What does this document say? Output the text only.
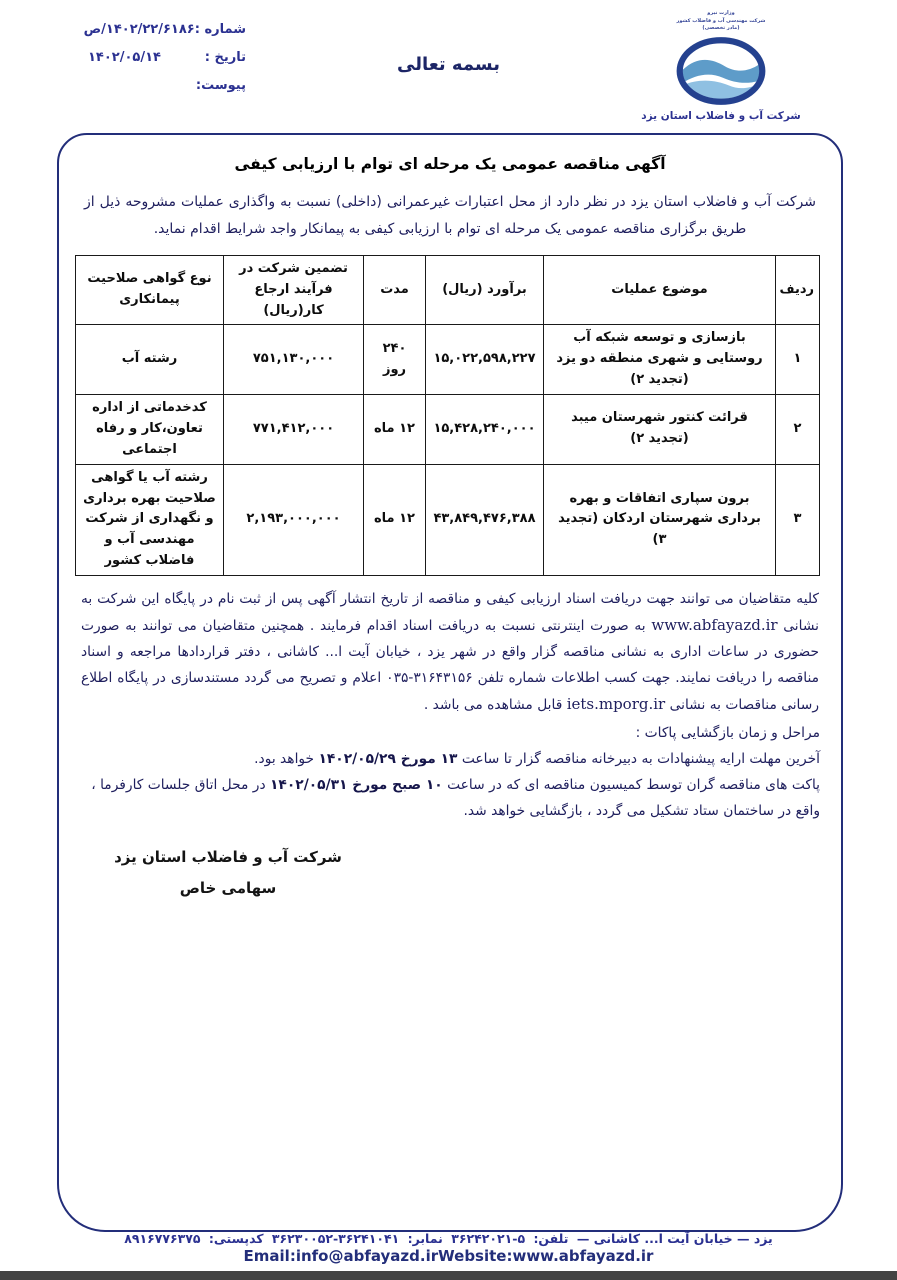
شماره :
۱۴۰۲/۲۲/۶۱۸۶/ص
تاریخ :
۱۴۰۲/۰۵/۱۴
پیوست:
بسمه تعالی
وزارت نیرو
شرکت مهندسی آب و فاضلاب کشور
(مادر تخصصی)
شرکت آب و فاضلاب استان یزد
آگهی مناقصه عمومی یک مرحله ای توام با ارزیابی کیفی

شرکت آب و فاضلاب استان یزد در نظر دارد از محل اعتبارات غیرعمرانی (داخلی) نسبت به واگذاری عملیات مشروحه ذیل از طریق برگزاری مناقصه عمومی یک مرحله ای توام با ارزیابی کیفی به پیمانکار واجد شرایط اقدام نماید.

ردیف	موضوع عملیات	برآورد (ریال)	مدت	تضمین شرکت در فرآیند ارجاع کار(ریال)	نوع گواهی صلاحیت پیمانکاری
۱	بازسازی و توسعه شبکه آب روستایی و شهری منطقه دو یزد (تجدید ۲)	۱۵,۰۲۲,۵۹۸,۲۲۷	۲۴۰ روز	۷۵۱,۱۳۰,۰۰۰	رشته آب
۲	قرائت کنتور شهرستان میبد (تجدید ۲)	۱۵,۴۲۸,۲۴۰,۰۰۰	۱۲ ماه	۷۷۱,۴۱۲,۰۰۰	کدخدماتی از اداره تعاون،کار و رفاه اجتماعی
۳	برون سپاری اتفاقات و بهره برداری شهرستان اردکان (تجدید ۳)	۴۳,۸۴۹,۴۷۶,۳۸۸	۱۲ ماه	۲,۱۹۳,۰۰۰,۰۰۰	رشته آب یا گواهی صلاحیت بهره برداری و نگهداری از شرکت مهندسی آب و فاضلاب کشور

کلیه متقاضیان می توانند جهت دریافت اسناد ارزیابی کیفی و مناقصه از تاریخ انتشار آگهی پس از ثبت نام در پایگاه این شرکت به نشانی www.abfayazd.ir به صورت اینترنتی نسبت به دریافت اسناد اقدام فرمایند . همچنین متقاضیان می توانند به صورت حضوری در ساعات اداری به نشانی مناقصه گزار واقع در شهر یزد ، خیابان آیت ا... کاشانی ، دفتر قراردادها مراجعه و اسناد مناقصه را دریافت نمایند. جهت کسب اطلاعات شماره تلفن ۳۱۶۴۳۱۵۶-۰۳۵ اعلام و تصریح می گردد مستندسازی در پایگاه اطلاع رسانی مناقصات به نشانی iets.mporg.ir قابل مشاهده می باشد .

مراحل و زمان بازگشایی پاکات :
آخرین مهلت ارایه پیشنهادات به دبیرخانه مناقصه گزار تا ساعت ۱۳ مورخ ۱۴۰۲/۰۵/۲۹ خواهد بود.
پاکت های مناقصه گران توسط کمیسیون مناقصه ای که در ساعت ۱۰ صبح مورخ ۱۴۰۲/۰۵/۳۱ در محل اتاق جلسات کارفرما ، واقع در ساختمان ستاد تشکیل می گردد ، بازگشایی خواهد شد.
شرکت آب و فاضلاب استان یزد
سهامی خاص
یزد — خیابان آیت ا... کاشانی — تلفن: ۵-۳۶۲۴۲۰۲۱ نمابر: ۳۶۲۴۱۰۴۱-۳۶۲۳۰۰۵۲ کدپستی: ۸۹۱۶۷۷۶۳۷۵
Email:info@abfayazd.irWebsite:www.abfayazd.ir
